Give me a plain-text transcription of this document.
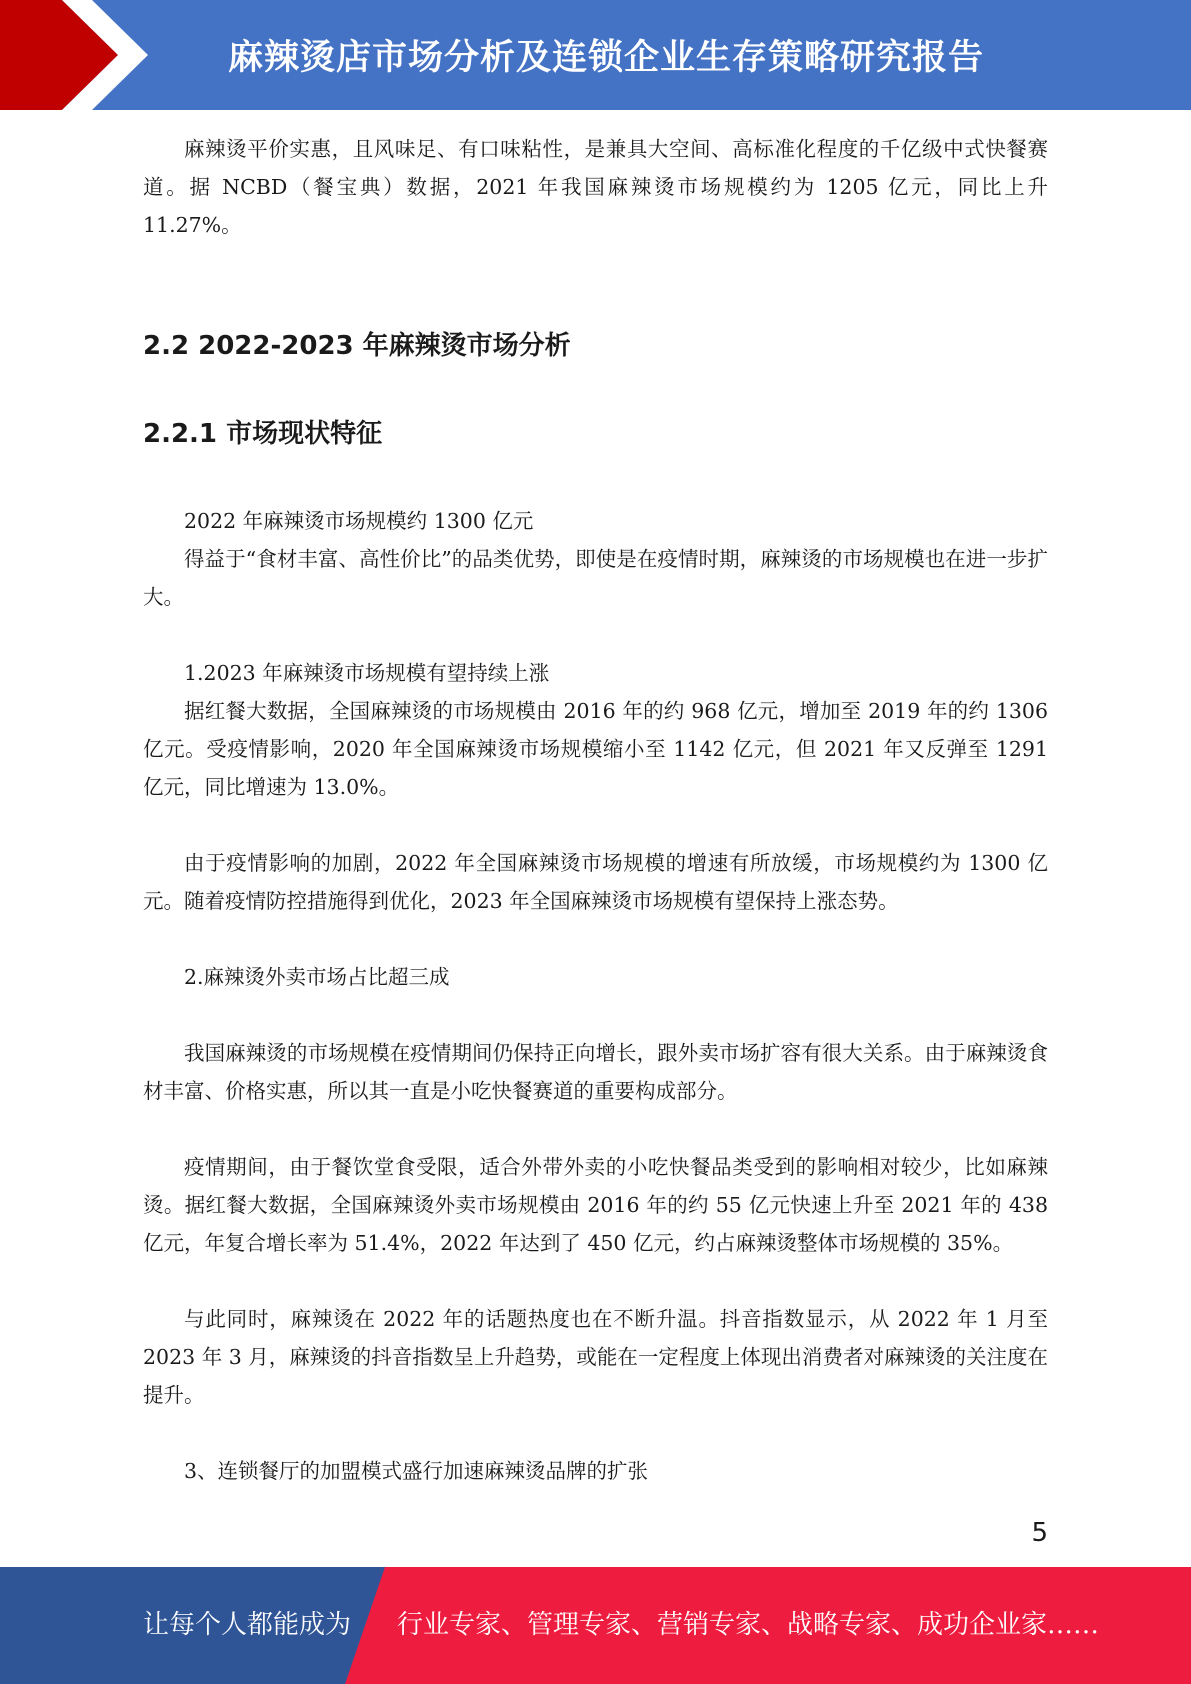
麻辣烫店市场分析及连锁企业生存策略研究报告

麻辣烫平价实惠，且风味足、有口味粘性，是兼具大空间、高标准化程度的千亿级中式快餐赛道。据 NCBD（餐宝典）数据，2021 年我国麻辣烫市场规模约为 1205 亿元，同比上升 11.27%。

2.2 2022-2023 年麻辣烫市场分析
2.2.1 市场现状特征

2022 年麻辣烫市场规模约 1300 亿元

得益于“食材丰富、高性价比”的品类优势，即使是在疫情时期，麻辣烫的市场规模也在进一步扩大。

1.2023 年麻辣烫市场规模有望持续上涨

据红餐大数据，全国麻辣烫的市场规模由 2016 年的约 968 亿元，增加至 2019 年的约 1306 亿元。受疫情影响，2020 年全国麻辣烫市场规模缩小至 1142 亿元，但 2021 年又反弹至 1291 亿元，同比增速为 13.0%。

由于疫情影响的加剧，2022 年全国麻辣烫市场规模的增速有所放缓，市场规模约为 1300 亿元。随着疫情防控措施得到优化，2023 年全国麻辣烫市场规模有望保持上涨态势。

2.麻辣烫外卖市场占比超三成

我国麻辣烫的市场规模在疫情期间仍保持正向增长，跟外卖市场扩容有很大关系。由于麻辣烫食材丰富、价格实惠，所以其一直是小吃快餐赛道的重要构成部分。

疫情期间，由于餐饮堂食受限，适合外带外卖的小吃快餐品类受到的影响相对较少，比如麻辣烫。据红餐大数据，全国麻辣烫外卖市场规模由 2016 年的约 55 亿元快速上升至 2021 年的 438 亿元，年复合增长率为 51.4%，2022 年达到了 450 亿元，约占麻辣烫整体市场规模的 35%。

与此同时，麻辣烫在 2022 年的话题热度也在不断升温。抖音指数显示，从 2022 年 1 月至 2023 年 3 月，麻辣烫的抖音指数呈上升趋势，或能在一定程度上体现出消费者对麻辣烫的关注度在提升。

3、连锁餐厅的加盟模式盛行加速麻辣烫品牌的扩张

5
让每个人都能成为 行业专家、管理专家、营销专家、战略专家、成功企业家……
